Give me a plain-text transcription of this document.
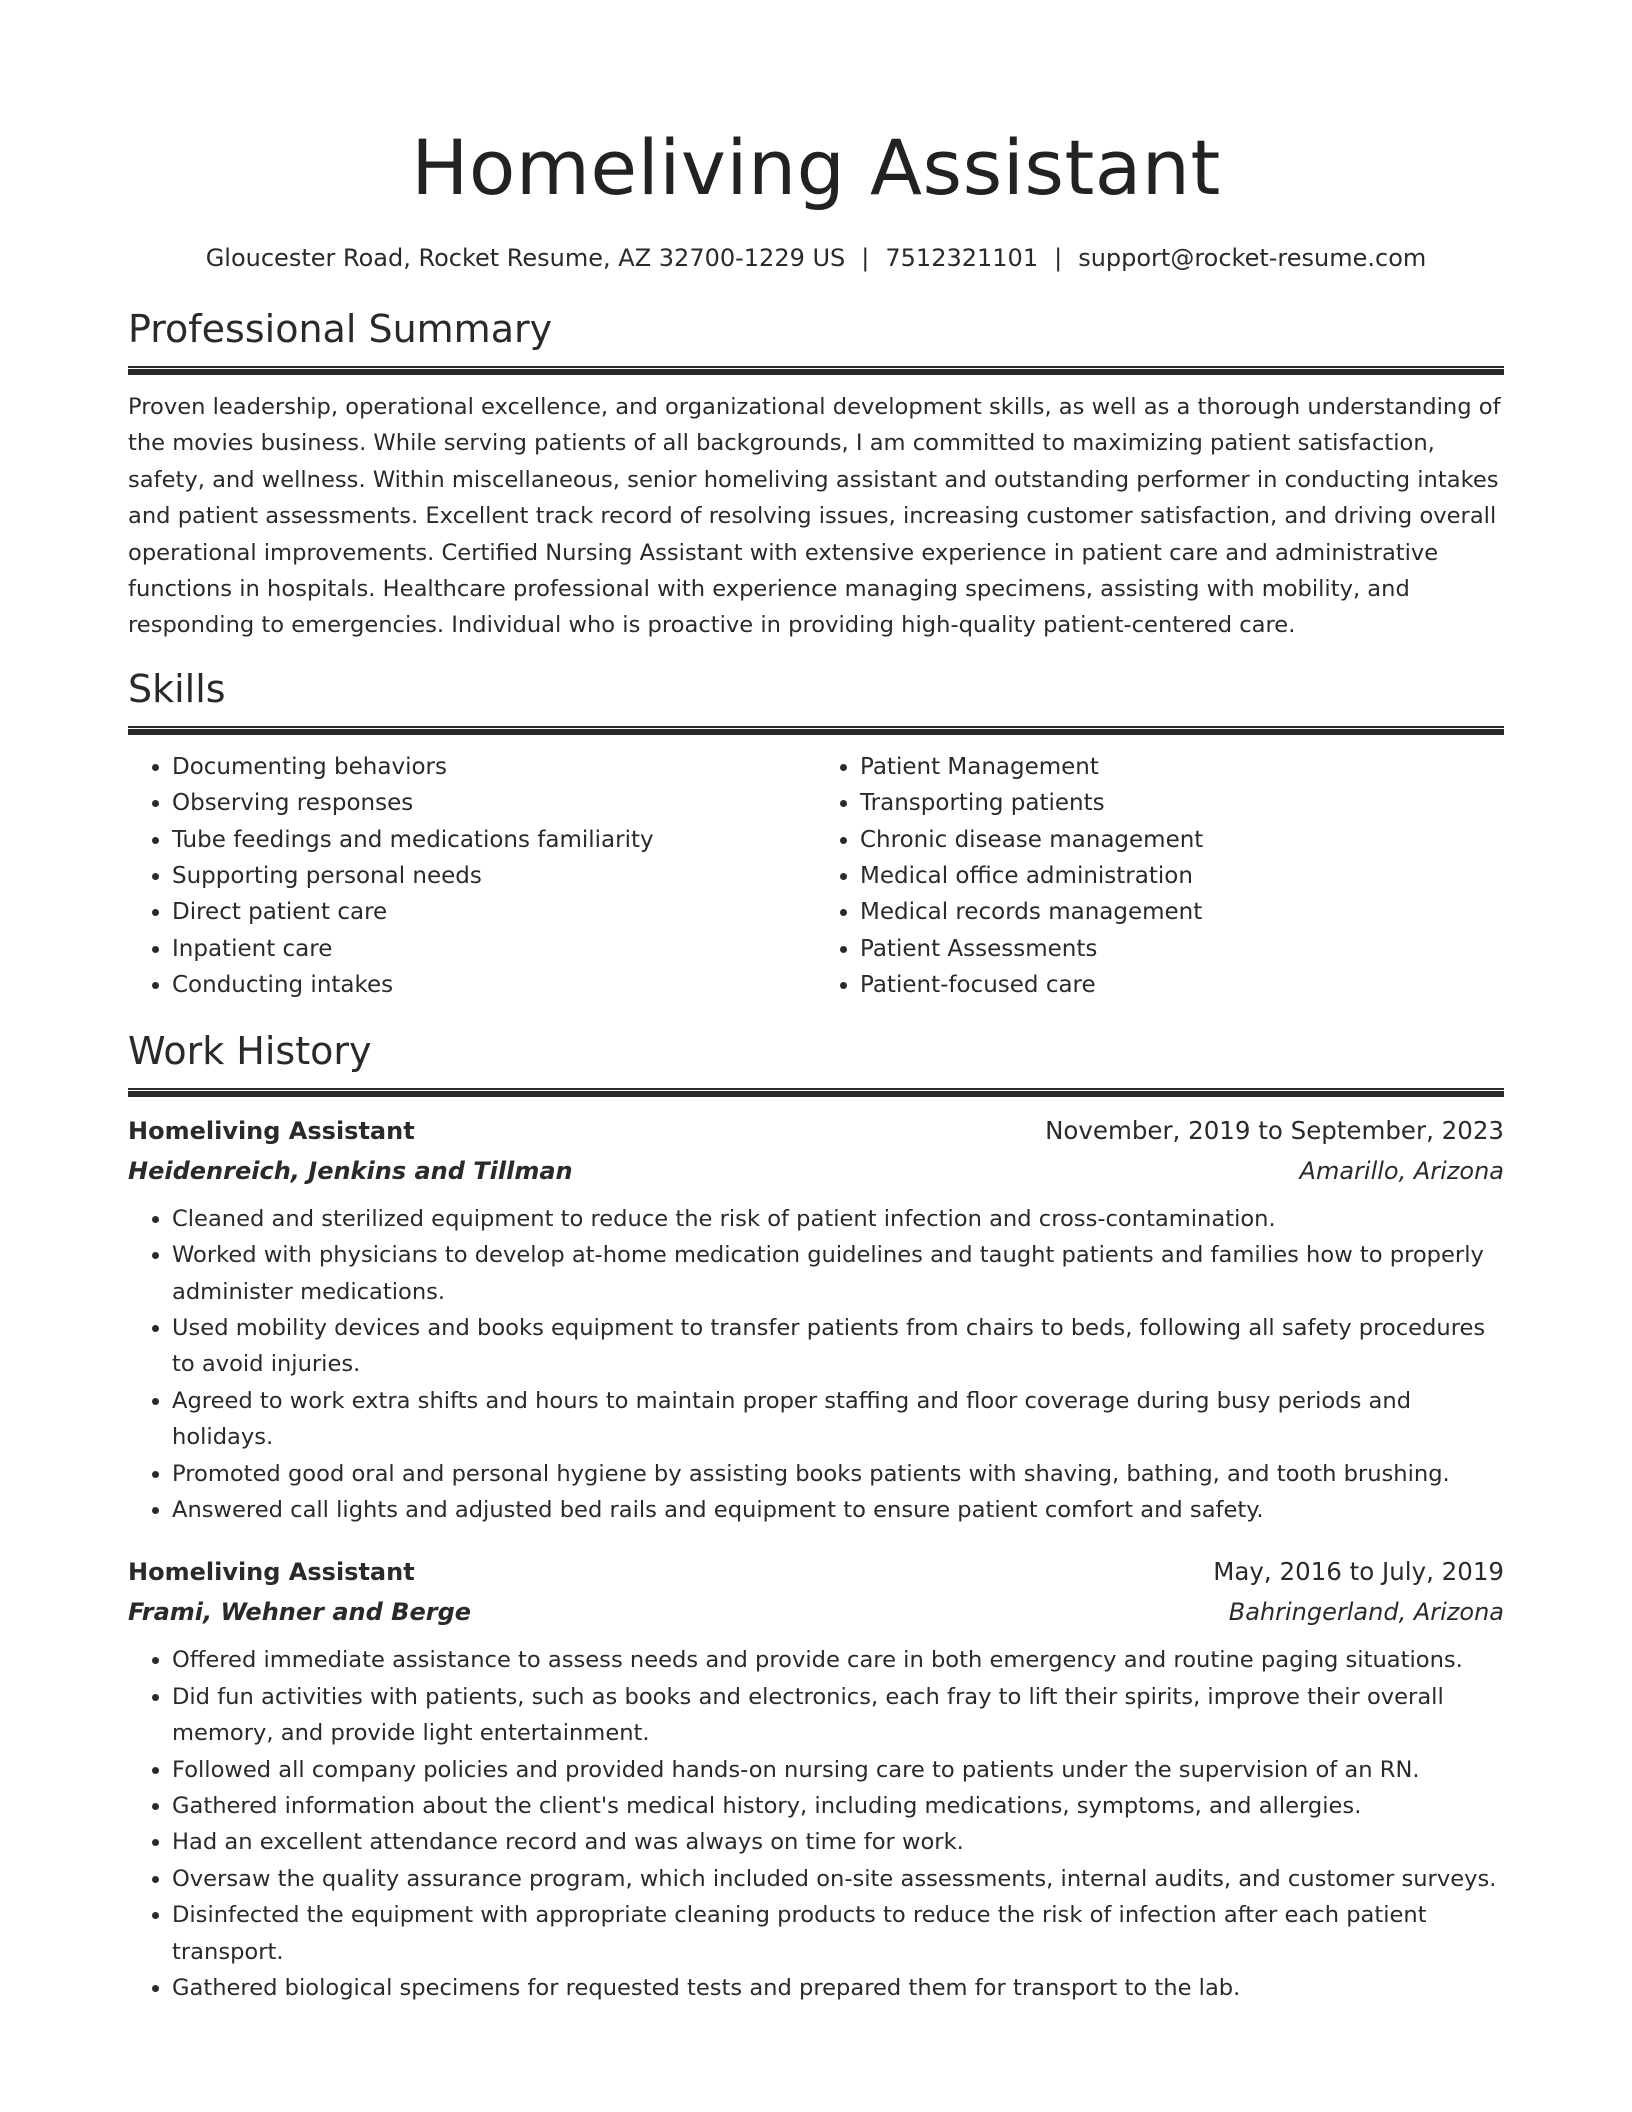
Homeliving Assistant
Gloucester Road, Rocket Resume, AZ 32700-1229 US | 7512321101 | support@rocket-resume.com
Professional Summary

Proven leadership, operational excellence, and organizational development skills, as well as a thorough understanding of the movies business. While serving patients of all backgrounds, I am committed to maximizing patient satisfaction, safety, and wellness. Within miscellaneous, senior homeliving assistant and outstanding performer in conducting intakes and patient assessments. Excellent track record of resolving issues, increasing customer satisfaction, and driving overall operational improvements. Certified Nursing Assistant with extensive experience in patient care and administrative functions in hospitals. Healthcare professional with experience managing specimens, assisting with mobility, and responding to emergencies. Individual who is proactive in providing high-quality patient-centered care.

Skills
• Documenting behaviors
• Observing responses
• Tube feedings and medications familiarity
• Supporting personal needs
• Direct patient care
• Inpatient care
• Conducting intakes
• Patient Management
• Transporting patients
• Chronic disease management
• Medical office administration
• Medical records management
• Patient Assessments
• Patient-focused care
Work History
Homeliving Assistant	November, 2019 to September, 2023
Heidenreich, Jenkins and Tillman	Amarillo, Arizona
• Cleaned and sterilized equipment to reduce the risk of patient infection and cross-contamination.
• Worked with physicians to develop at-home medication guidelines and taught patients and families how to properly administer medications.
• Used mobility devices and books equipment to transfer patients from chairs to beds, following all safety procedures to avoid injuries.
• Agreed to work extra shifts and hours to maintain proper staffing and floor coverage during busy periods and holidays.
• Promoted good oral and personal hygiene by assisting books patients with shaving, bathing, and tooth brushing.
• Answered call lights and adjusted bed rails and equipment to ensure patient comfort and safety.
Homeliving Assistant	May, 2016 to July, 2019
Frami, Wehner and Berge	Bahringerland, Arizona
• Offered immediate assistance to assess needs and provide care in both emergency and routine paging situations.
• Did fun activities with patients, such as books and electronics, each fray to lift their spirits, improve their overall memory, and provide light entertainment.
• Followed all company policies and provided hands-on nursing care to patients under the supervision of an RN.
• Gathered information about the client's medical history, including medications, symptoms, and allergies.
• Had an excellent attendance record and was always on time for work.
• Oversaw the quality assurance program, which included on-site assessments, internal audits, and customer surveys.
• Disinfected the equipment with appropriate cleaning products to reduce the risk of infection after each patient transport.
• Gathered biological specimens for requested tests and prepared them for transport to the lab.
